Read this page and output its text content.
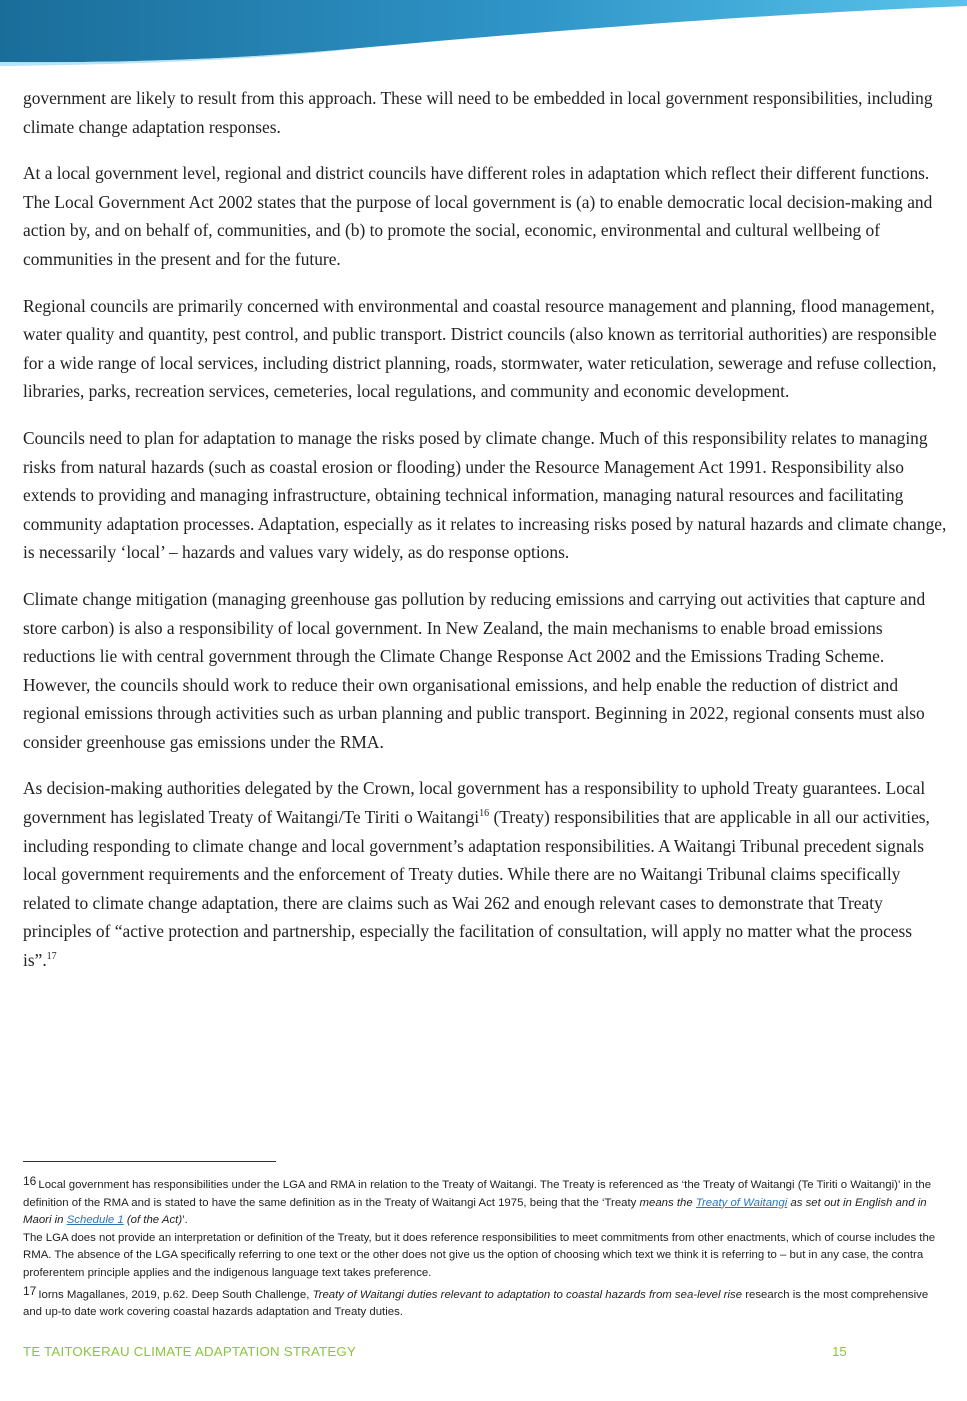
government are likely to result from this approach. These will need to be embedded in local government responsibilities, including climate change adaptation responses.

At a local government level, regional and district councils have different roles in adaptation which reflect their different functions. The Local Government Act 2002 states that the purpose of local government is (a) to enable democratic local decision-making and action by, and on behalf of, communities, and (b) to promote the social, economic, environmental and cultural wellbeing of communities in the present and for the future.

Regional councils are primarily concerned with environmental and coastal resource management and planning, flood management, water quality and quantity, pest control, and public transport. District councils (also known as territorial authorities) are responsible for a wide range of local services, including district planning, roads, stormwater, water reticulation, sewerage and refuse collection, libraries, parks, recreation services, cemeteries, local regulations, and community and economic development.

Councils need to plan for adaptation to manage the risks posed by climate change. Much of this responsibility relates to managing risks from natural hazards (such as coastal erosion or flooding) under the Resource Management Act 1991. Responsibility also extends to providing and managing infrastructure, obtaining technical information, managing natural resources and facilitating community adaptation processes. Adaptation, especially as it relates to increasing risks posed by natural hazards and climate change, is necessarily ‘local’ – hazards and values vary widely, as do response options.

Climate change mitigation (managing greenhouse gas pollution by reducing emissions and carrying out activities that capture and store carbon) is also a responsibility of local government. In New Zealand, the main mechanisms to enable broad emissions reductions lie with central government through the Climate Change Response Act 2002 and the Emissions Trading Scheme. However, the councils should work to reduce their own organisational emissions, and help enable the reduction of district and regional emissions through activities such as urban planning and public transport. Beginning in 2022, regional consents must also consider greenhouse gas emissions under the RMA.

As decision-making authorities delegated by the Crown, local government has a responsibility to uphold Treaty guarantees. Local government has legislated Treaty of Waitangi/Te Tiriti o Waitangi$^{16}$ (Treaty) responsibilities that are applicable in all our activities, including responding to climate change and local government’s adaptation responsibilities. A Waitangi Tribunal precedent signals local government requirements and the enforcement of Treaty duties. While there are no Waitangi Tribunal claims specifically related to climate change adaptation, there are claims such as Wai 262 and enough relevant cases to demonstrate that Treaty principles of “active protection and partnership, especially the facilitation of consultation, will apply no matter what the process is”.$^{17}$

16 Local government has responsibilities under the LGA and RMA in relation to the Treaty of Waitangi. The Treaty is referenced as ‘the Treaty of Waitangi (Te Tiriti o Waitangi)’ in the definition of the RMA and is stated to have the same definition as in the Treaty of Waitangi Act 1975, being that the ‘Treaty means the Treaty of Waitangi as set out in English and in Maori in Schedule 1 (of the Act)’.

The LGA does not provide an interpretation or definition of the Treaty, but it does reference responsibilities to meet commitments from other enactments, which of course includes the RMA. The absence of the LGA specifically referring to one text or the other does not give us the option of choosing which text we think it is referring to – but in any case, the contra proferentem principle applies and the indigenous language text takes preference.

17 Iorns Magallanes, 2019, p.62. Deep South Challenge, Treaty of Waitangi duties relevant to adaptation to coastal hazards from sea-level rise research is the most comprehensive and up-to date work covering coastal hazards adaptation and Treaty duties.

TE TAITOKERAU CLIMATE ADAPTATION STRATEGY	15
